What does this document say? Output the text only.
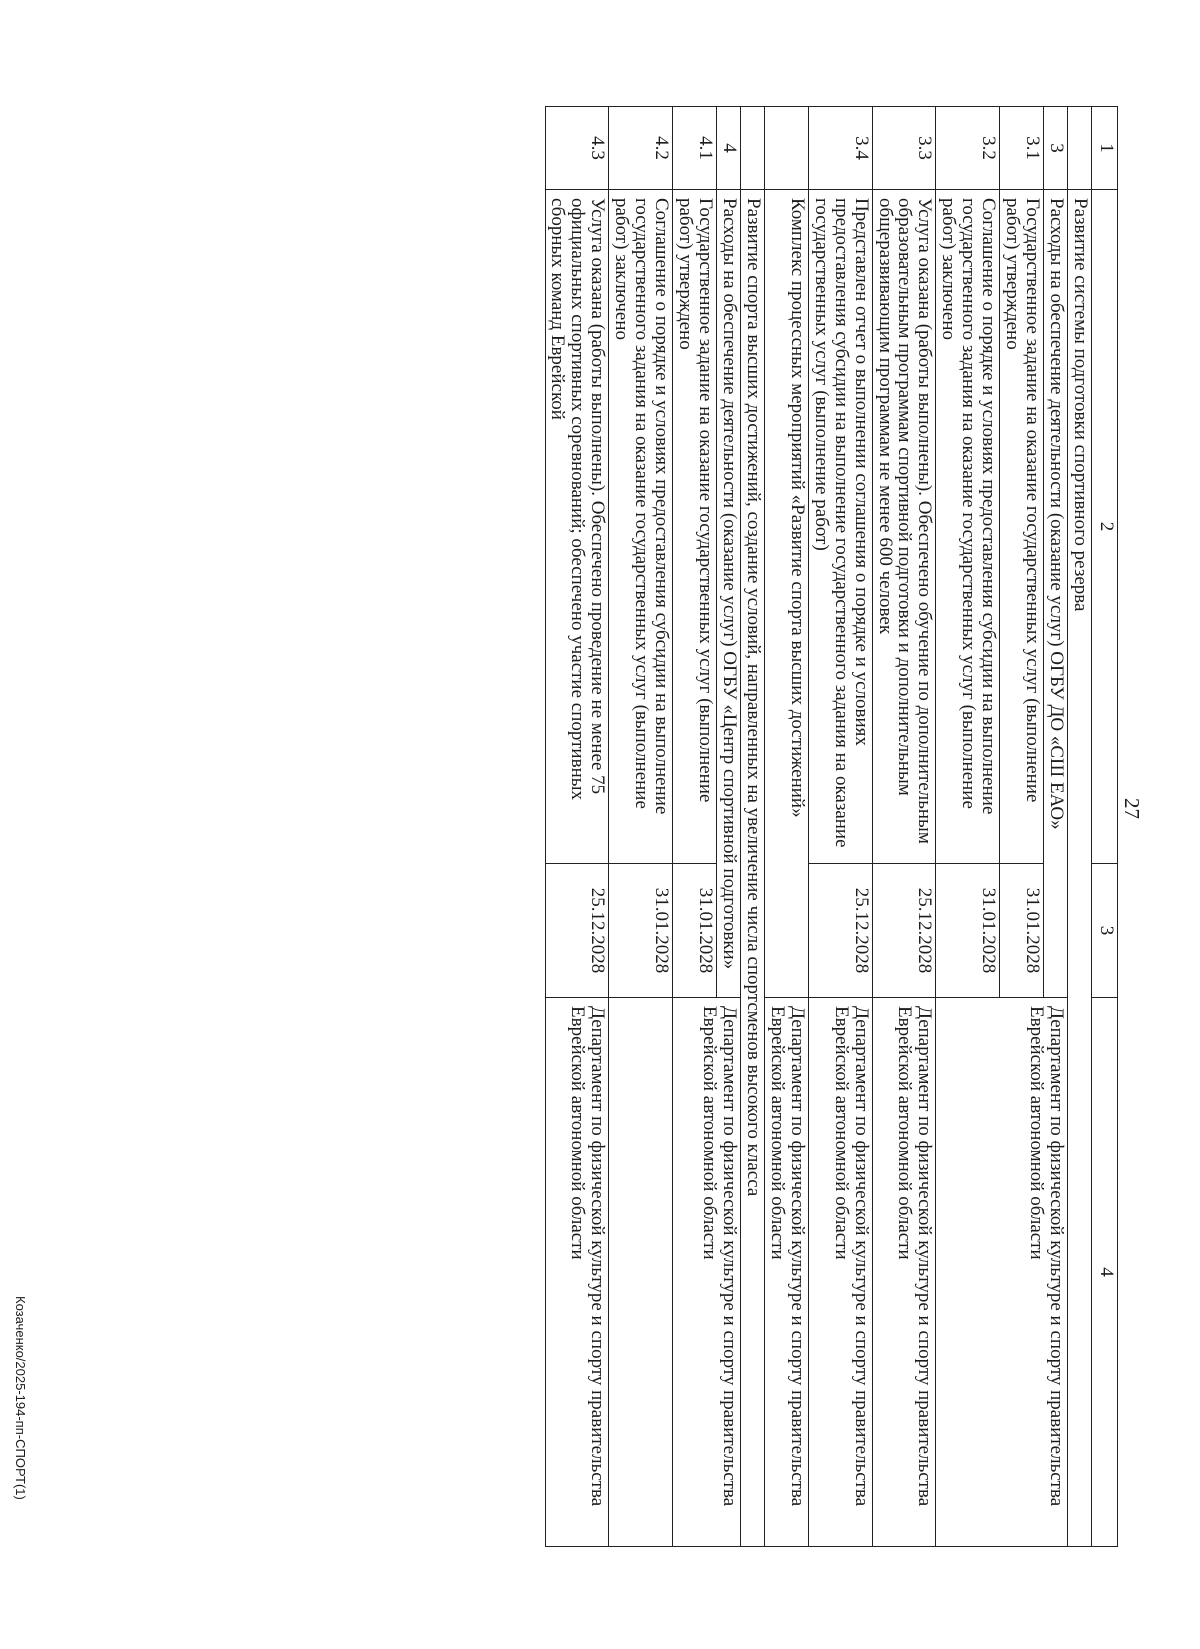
27
1	2	3	4
	Развитие системы подготовки спортивного резерва		
3	Расходы на обеспечение деятельности (оказание услуг) ОГБУ ДО «СШ ЕАО»		Департамент по физической культуре и спорту правительства Еврейской автономной области
3.1	Государственное задание на оказание государственных услуг (выполнение работ) утверждено	31.01.2028	
3.2	Соглашение о порядке и условиях предоставления субсидии на выполнение государственного задания на оказание государственных услуг (выполнение работ) заключено	31.01.2028	
3.3	Услуга оказана (работы выполнены). Обеспечено обучение по дополнительным образовательным программам спортивной подготовки и дополнительным общеразвивающим программам не менее 600 человек	25.12.2028	Департамент по физической культуре и спорту правительства Еврейской автономной области
3.4	Представлен отчет о выполнении соглашения о порядке и условиях предоставления субсидии на выполнение государственного задания на оказание государственных услуг (выполнение работ)	25.12.2028	Департамент по физической культуре и спорту правительства Еврейской автономной области
	Комплекс процессных мероприятий «Развитие спорта высших достижений»		Департамент по физической культуре и спорту правительства Еврейской автономной области
	Развитие спорта высших достижений, создание условий, направленных на увеличение числа спортсменов высокого класса		
4	Расходы на обеспечение деятельности (оказание услуг) ОГБУ «Центр спортивной подготовки»		Департамент по физической культуре и спорту правительства Еврейской автономной области
4.1	Государственное задание на оказание государственных услуг (выполнение работ) утверждено	31.01.2028	
4.2	Соглашение о порядке и условиях предоставления субсидии на выполнение государственного задания на оказание государственных услуг (выполнение работ) заключено	31.01.2028	
4.3	Услуга оказана (работы выполнены). Обеспечено проведение не менее 75 официальных спортивных соревнований; обеспечено участие спортивных сборных команд Еврейской	25.12.2028	Департамент по физической культуре и спорту правительства Еврейской автономной области
Козаченко/2025-194-пп-СПОРТ(1)
